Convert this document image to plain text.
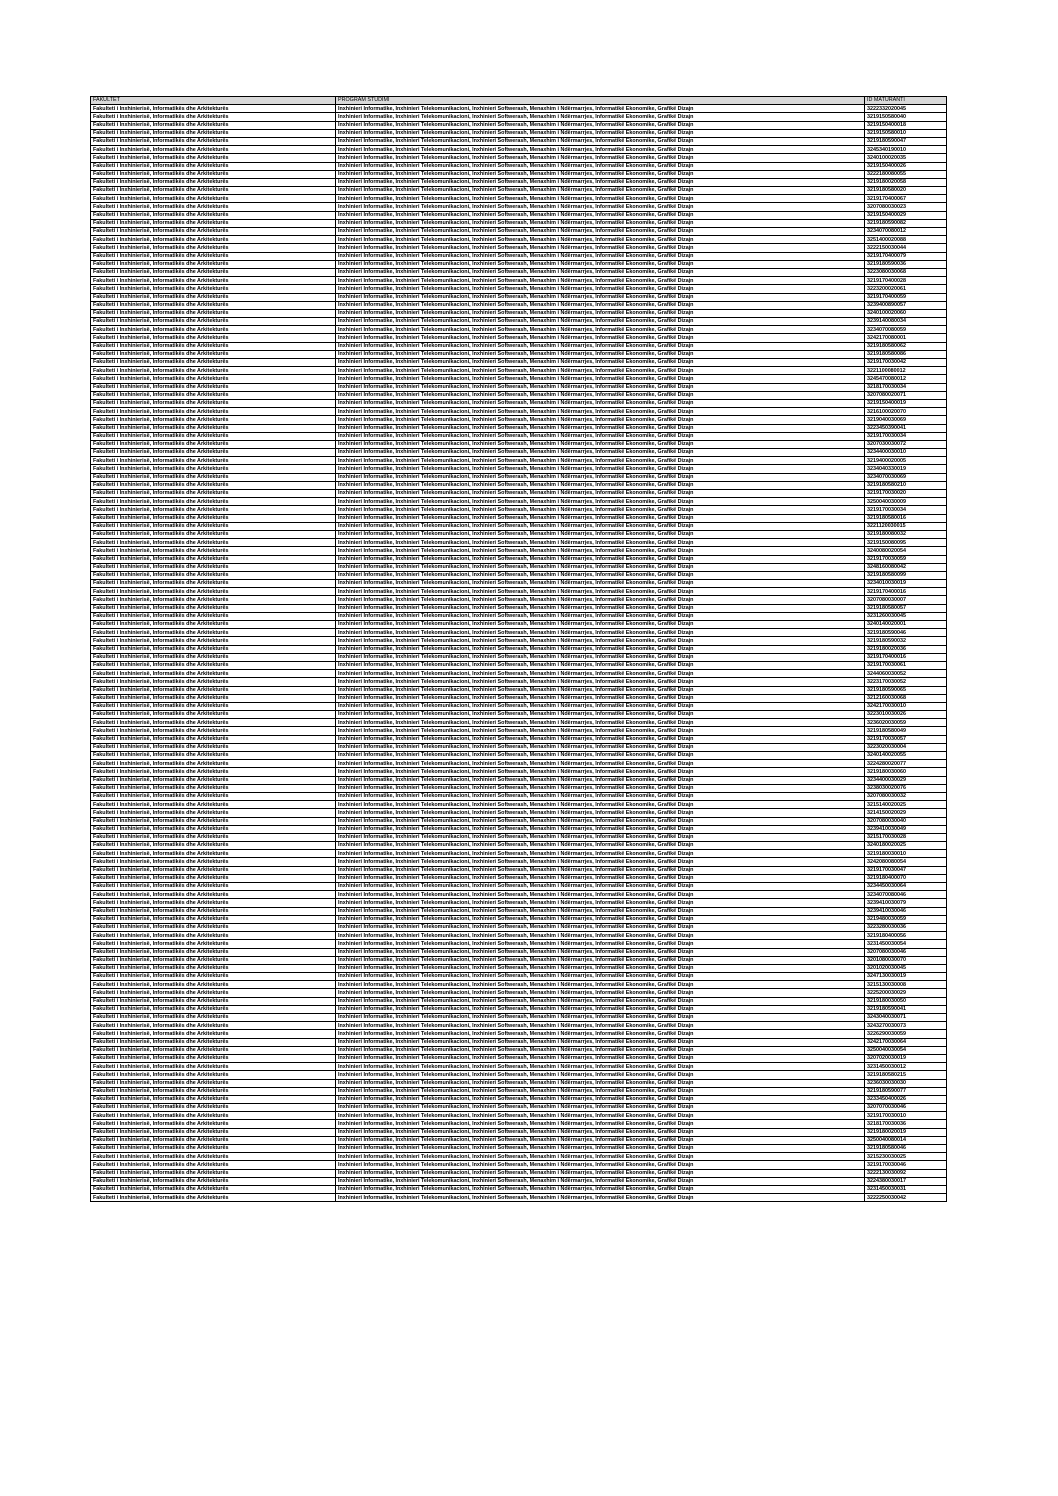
FAKULTET	PROGRAM STUDIMI	ID MATURANTI
Fakulteti i Inxhinierisë, Informatikës dhe Arkitekturës	Inxhinieri Informatike, Inxhinieri Telekomunikacioni, Inxhinieri Softwerash, Menaxhim i Ndërmarrjes, Informatikë Ekonomike, Grafikë Dizajn	3222332020045
Fakulteti i Inxhinierisë, Informatikës dhe Arkitekturës	Inxhinieri Informatike, Inxhinieri Telekomunikacioni, Inxhinieri Softwerash, Menaxhim i Ndërmarrjes, Informatikë Ekonomike, Grafikë Dizajn	3219150580040
Fakulteti i Inxhinierisë, Informatikës dhe Arkitekturës	Inxhinieri Informatike, Inxhinieri Telekomunikacioni, Inxhinieri Softwerash, Menaxhim i Ndërmarrjes, Informatikë Ekonomike, Grafikë Dizajn	3219150400018
Fakulteti i Inxhinierisë, Informatikës dhe Arkitekturës	Inxhinieri Informatike, Inxhinieri Telekomunikacioni, Inxhinieri Softwerash, Menaxhim i Ndërmarrjes, Informatikë Ekonomike, Grafikë Dizajn	3219150580010
Fakulteti i Inxhinierisë, Informatikës dhe Arkitekturës	Inxhinieri Informatike, Inxhinieri Telekomunikacioni, Inxhinieri Softwerash, Menaxhim i Ndërmarrjes, Informatikë Ekonomike, Grafikë Dizajn	3219180590047
Fakulteti i Inxhinierisë, Informatikës dhe Arkitekturës	Inxhinieri Informatike, Inxhinieri Telekomunikacioni, Inxhinieri Softwerash, Menaxhim i Ndërmarrjes, Informatikë Ekonomike, Grafikë Dizajn	3245340190010
Fakulteti i Inxhinierisë, Informatikës dhe Arkitekturës	Inxhinieri Informatike, Inxhinieri Telekomunikacioni, Inxhinieri Softwerash, Menaxhim i Ndërmarrjes, Informatikë Ekonomike, Grafikë Dizajn	3240100020035
Fakulteti i Inxhinierisë, Informatikës dhe Arkitekturës	Inxhinieri Informatike, Inxhinieri Telekomunikacioni, Inxhinieri Softwerash, Menaxhim i Ndërmarrjes, Informatikë Ekonomike, Grafikë Dizajn	3219150400026
Fakulteti i Inxhinierisë, Informatikës dhe Arkitekturës	Inxhinieri Informatike, Inxhinieri Telekomunikacioni, Inxhinieri Softwerash, Menaxhim i Ndërmarrjes, Informatikë Ekonomike, Grafikë Dizajn	3222180080055
Fakulteti i Inxhinierisë, Informatikës dhe Arkitekturës	Inxhinieri Informatike, Inxhinieri Telekomunikacioni, Inxhinieri Softwerash, Menaxhim i Ndërmarrjes, Informatikë Ekonomike, Grafikë Dizajn	3219180020058
Fakulteti i Inxhinierisë, Informatikës dhe Arkitekturës	Inxhinieri Informatike, Inxhinieri Telekomunikacioni, Inxhinieri Softwerash, Menaxhim i Ndërmarrjes, Informatikë Ekonomike, Grafikë Dizajn	3219180580020
Fakulteti i Inxhinierisë, Informatikës dhe Arkitekturës	Inxhinieri Informatike, Inxhinieri Telekomunikacioni, Inxhinieri Softwerash, Menaxhim i Ndërmarrjes, Informatikë Ekonomike, Grafikë Dizajn	3219170400067
Fakulteti i Inxhinierisë, Informatikës dhe Arkitekturës	Inxhinieri Informatike, Inxhinieri Telekomunikacioni, Inxhinieri Softwerash, Menaxhim i Ndërmarrjes, Informatikë Ekonomike, Grafikë Dizajn	3207080030023
Fakulteti i Inxhinierisë, Informatikës dhe Arkitekturës	Inxhinieri Informatike, Inxhinieri Telekomunikacioni, Inxhinieri Softwerash, Menaxhim i Ndërmarrjes, Informatikë Ekonomike, Grafikë Dizajn	3219150400029
Fakulteti i Inxhinierisë, Informatikës dhe Arkitekturës	Inxhinieri Informatike, Inxhinieri Telekomunikacioni, Inxhinieri Softwerash, Menaxhim i Ndërmarrjes, Informatikë Ekonomike, Grafikë Dizajn	3219180590082
Fakulteti i Inxhinierisë, Informatikës dhe Arkitekturës	Inxhinieri Informatike, Inxhinieri Telekomunikacioni, Inxhinieri Softwerash, Menaxhim i Ndërmarrjes, Informatikë Ekonomike, Grafikë Dizajn	3234070080012
Fakulteti i Inxhinierisë, Informatikës dhe Arkitekturës	Inxhinieri Informatike, Inxhinieri Telekomunikacioni, Inxhinieri Softwerash, Menaxhim i Ndërmarrjes, Informatikë Ekonomike, Grafikë Dizajn	3251400020088
Fakulteti i Inxhinierisë, Informatikës dhe Arkitekturës	Inxhinieri Informatike, Inxhinieri Telekomunikacioni, Inxhinieri Softwerash, Menaxhim i Ndërmarrjes, Informatikë Ekonomike, Grafikë Dizajn	3222150030044
Fakulteti i Inxhinierisë, Informatikës dhe Arkitekturës	Inxhinieri Informatike, Inxhinieri Telekomunikacioni, Inxhinieri Softwerash, Menaxhim i Ndërmarrjes, Informatikë Ekonomike, Grafikë Dizajn	3219170400079
Fakulteti i Inxhinierisë, Informatikës dhe Arkitekturës	Inxhinieri Informatike, Inxhinieri Telekomunikacioni, Inxhinieri Softwerash, Menaxhim i Ndërmarrjes, Informatikë Ekonomike, Grafikë Dizajn	3219180590036
Fakulteti i Inxhinierisë, Informatikës dhe Arkitekturës	Inxhinieri Informatike, Inxhinieri Telekomunikacioni, Inxhinieri Softwerash, Menaxhim i Ndërmarrjes, Informatikë Ekonomike, Grafikë Dizajn	3223080030068
Fakulteti i Inxhinierisë, Informatikës dhe Arkitekturës	Inxhinieri Informatike, Inxhinieri Telekomunikacioni, Inxhinieri Softwerash, Menaxhim i Ndërmarrjes, Informatikë Ekonomike, Grafikë Dizajn	3219170400028
Fakulteti i Inxhinierisë, Informatikës dhe Arkitekturës	Inxhinieri Informatike, Inxhinieri Telekomunikacioni, Inxhinieri Softwerash, Menaxhim i Ndërmarrjes, Informatikë Ekonomike, Grafikë Dizajn	3223200020061
Fakulteti i Inxhinierisë, Informatikës dhe Arkitekturës	Inxhinieri Informatike, Inxhinieri Telekomunikacioni, Inxhinieri Softwerash, Menaxhim i Ndërmarrjes, Informatikë Ekonomike, Grafikë Dizajn	3219170400059
Fakulteti i Inxhinierisë, Informatikës dhe Arkitekturës	Inxhinieri Informatike, Inxhinieri Telekomunikacioni, Inxhinieri Softwerash, Menaxhim i Ndërmarrjes, Informatikë Ekonomike, Grafikë Dizajn	3239400890057
Fakulteti i Inxhinierisë, Informatikës dhe Arkitekturës	Inxhinieri Informatike, Inxhinieri Telekomunikacioni, Inxhinieri Softwerash, Menaxhim i Ndërmarrjes, Informatikë Ekonomike, Grafikë Dizajn	3240100020060
Fakulteti i Inxhinierisë, Informatikës dhe Arkitekturës	Inxhinieri Informatike, Inxhinieri Telekomunikacioni, Inxhinieri Softwerash, Menaxhim i Ndërmarrjes, Informatikë Ekonomike, Grafikë Dizajn	3239140080034
Fakulteti i Inxhinierisë, Informatikës dhe Arkitekturës	Inxhinieri Informatike, Inxhinieri Telekomunikacioni, Inxhinieri Softwerash, Menaxhim i Ndërmarrjes, Informatikë Ekonomike, Grafikë Dizajn	3234070080059
Fakulteti i Inxhinierisë, Informatikës dhe Arkitekturës	Inxhinieri Informatike, Inxhinieri Telekomunikacioni, Inxhinieri Softwerash, Menaxhim i Ndërmarrjes, Informatikë Ekonomike, Grafikë Dizajn	3242170080001
Fakulteti i Inxhinierisë, Informatikës dhe Arkitekturës	Inxhinieri Informatike, Inxhinieri Telekomunikacioni, Inxhinieri Softwerash, Menaxhim i Ndërmarrjes, Informatikë Ekonomike, Grafikë Dizajn	3219180580062
Fakulteti i Inxhinierisë, Informatikës dhe Arkitekturës	Inxhinieri Informatike, Inxhinieri Telekomunikacioni, Inxhinieri Softwerash, Menaxhim i Ndërmarrjes, Informatikë Ekonomike, Grafikë Dizajn	3219180580086
Fakulteti i Inxhinierisë, Informatikës dhe Arkitekturës	Inxhinieri Informatike, Inxhinieri Telekomunikacioni, Inxhinieri Softwerash, Menaxhim i Ndërmarrjes, Informatikë Ekonomike, Grafikë Dizajn	3219170030042
Fakulteti i Inxhinierisë, Informatikës dhe Arkitekturës	Inxhinieri Informatike, Inxhinieri Telekomunikacioni, Inxhinieri Softwerash, Menaxhim i Ndërmarrjes, Informatikë Ekonomike, Grafikë Dizajn	3221100080012
Fakulteti i Inxhinierisë, Informatikës dhe Arkitekturës	Inxhinieri Informatike, Inxhinieri Telekomunikacioni, Inxhinieri Softwerash, Menaxhim i Ndërmarrjes, Informatikë Ekonomike, Grafikë Dizajn	3245470080012
Fakulteti i Inxhinierisë, Informatikës dhe Arkitekturës	Inxhinieri Informatike, Inxhinieri Telekomunikacioni, Inxhinieri Softwerash, Menaxhim i Ndërmarrjes, Informatikë Ekonomike, Grafikë Dizajn	3218170030034
Fakulteti i Inxhinierisë, Informatikës dhe Arkitekturës	Inxhinieri Informatike, Inxhinieri Telekomunikacioni, Inxhinieri Softwerash, Menaxhim i Ndërmarrjes, Informatikë Ekonomike, Grafikë Dizajn	3207080020071
Fakulteti i Inxhinierisë, Informatikës dhe Arkitekturës	Inxhinieri Informatike, Inxhinieri Telekomunikacioni, Inxhinieri Softwerash, Menaxhim i Ndërmarrjes, Informatikë Ekonomike, Grafikë Dizajn	3219150400019
Fakulteti i Inxhinierisë, Informatikës dhe Arkitekturës	Inxhinieri Informatike, Inxhinieri Telekomunikacioni, Inxhinieri Softwerash, Menaxhim i Ndërmarrjes, Informatikë Ekonomike, Grafikë Dizajn	3216100020070
Fakulteti i Inxhinierisë, Informatikës dhe Arkitekturës	Inxhinieri Informatike, Inxhinieri Telekomunikacioni, Inxhinieri Softwerash, Menaxhim i Ndërmarrjes, Informatikë Ekonomike, Grafikë Dizajn	3219040030069
Fakulteti i Inxhinierisë, Informatikës dhe Arkitekturës	Inxhinieri Informatike, Inxhinieri Telekomunikacioni, Inxhinieri Softwerash, Menaxhim i Ndërmarrjes, Informatikë Ekonomike, Grafikë Dizajn	3223450390041
Fakulteti i Inxhinierisë, Informatikës dhe Arkitekturës	Inxhinieri Informatike, Inxhinieri Telekomunikacioni, Inxhinieri Softwerash, Menaxhim i Ndërmarrjes, Informatikë Ekonomike, Grafikë Dizajn	3219170030034
Fakulteti i Inxhinierisë, Informatikës dhe Arkitekturës	Inxhinieri Informatike, Inxhinieri Telekomunikacioni, Inxhinieri Softwerash, Menaxhim i Ndërmarrjes, Informatikë Ekonomike, Grafikë Dizajn	3207030030072
Fakulteti i Inxhinierisë, Informatikës dhe Arkitekturës	Inxhinieri Informatike, Inxhinieri Telekomunikacioni, Inxhinieri Softwerash, Menaxhim i Ndërmarrjes, Informatikë Ekonomike, Grafikë Dizajn	3234400030010
Fakulteti i Inxhinierisë, Informatikës dhe Arkitekturës	Inxhinieri Informatike, Inxhinieri Telekomunikacioni, Inxhinieri Softwerash, Menaxhim i Ndërmarrjes, Informatikë Ekonomike, Grafikë Dizajn	3219400020005
Fakulteti i Inxhinierisë, Informatikës dhe Arkitekturës	Inxhinieri Informatike, Inxhinieri Telekomunikacioni, Inxhinieri Softwerash, Menaxhim i Ndërmarrjes, Informatikë Ekonomike, Grafikë Dizajn	3234040330019
Fakulteti i Inxhinierisë, Informatikës dhe Arkitekturës	Inxhinieri Informatike, Inxhinieri Telekomunikacioni, Inxhinieri Softwerash, Menaxhim i Ndërmarrjes, Informatikë Ekonomike, Grafikë Dizajn	3234070030069
Fakulteti i Inxhinierisë, Informatikës dhe Arkitekturës	Inxhinieri Informatike, Inxhinieri Telekomunikacioni, Inxhinieri Softwerash, Menaxhim i Ndërmarrjes, Informatikë Ekonomike, Grafikë Dizajn	3219180580210
Fakulteti i Inxhinierisë, Informatikës dhe Arkitekturës	Inxhinieri Informatike, Inxhinieri Telekomunikacioni, Inxhinieri Softwerash, Menaxhim i Ndërmarrjes, Informatikë Ekonomike, Grafikë Dizajn	3219170030020
Fakulteti i Inxhinierisë, Informatikës dhe Arkitekturës	Inxhinieri Informatike, Inxhinieri Telekomunikacioni, Inxhinieri Softwerash, Menaxhim i Ndërmarrjes, Informatikë Ekonomike, Grafikë Dizajn	3250040030009
Fakulteti i Inxhinierisë, Informatikës dhe Arkitekturës	Inxhinieri Informatike, Inxhinieri Telekomunikacioni, Inxhinieri Softwerash, Menaxhim i Ndërmarrjes, Informatikë Ekonomike, Grafikë Dizajn	3219170030034
Fakulteti i Inxhinierisë, Informatikës dhe Arkitekturës	Inxhinieri Informatike, Inxhinieri Telekomunikacioni, Inxhinieri Softwerash, Menaxhim i Ndërmarrjes, Informatikë Ekonomike, Grafikë Dizajn	3219180580016
Fakulteti i Inxhinierisë, Informatikës dhe Arkitekturës	Inxhinieri Informatike, Inxhinieri Telekomunikacioni, Inxhinieri Softwerash, Menaxhim i Ndërmarrjes, Informatikë Ekonomike, Grafikë Dizajn	3221120030015
Fakulteti i Inxhinierisë, Informatikës dhe Arkitekturës	Inxhinieri Informatike, Inxhinieri Telekomunikacioni, Inxhinieri Softwerash, Menaxhim i Ndërmarrjes, Informatikë Ekonomike, Grafikë Dizajn	3219180080032
Fakulteti i Inxhinierisë, Informatikës dhe Arkitekturës	Inxhinieri Informatike, Inxhinieri Telekomunikacioni, Inxhinieri Softwerash, Menaxhim i Ndërmarrjes, Informatikë Ekonomike, Grafikë Dizajn	3219150080095
Fakulteti i Inxhinierisë, Informatikës dhe Arkitekturës	Inxhinieri Informatike, Inxhinieri Telekomunikacioni, Inxhinieri Softwerash, Menaxhim i Ndërmarrjes, Informatikë Ekonomike, Grafikë Dizajn	3240080020054
Fakulteti i Inxhinierisë, Informatikës dhe Arkitekturës	Inxhinieri Informatike, Inxhinieri Telekomunikacioni, Inxhinieri Softwerash, Menaxhim i Ndërmarrjes, Informatikë Ekonomike, Grafikë Dizajn	3219170030059
Fakulteti i Inxhinierisë, Informatikës dhe Arkitekturës	Inxhinieri Informatike, Inxhinieri Telekomunikacioni, Inxhinieri Softwerash, Menaxhim i Ndërmarrjes, Informatikë Ekonomike, Grafikë Dizajn	3248160080042
Fakulteti i Inxhinierisë, Informatikës dhe Arkitekturës	Inxhinieri Informatike, Inxhinieri Telekomunikacioni, Inxhinieri Softwerash, Menaxhim i Ndërmarrjes, Informatikë Ekonomike, Grafikë Dizajn	3219180580099
Fakulteti i Inxhinierisë, Informatikës dhe Arkitekturës	Inxhinieri Informatike, Inxhinieri Telekomunikacioni, Inxhinieri Softwerash, Menaxhim i Ndërmarrjes, Informatikë Ekonomike, Grafikë Dizajn	3234010030019
Fakulteti i Inxhinierisë, Informatikës dhe Arkitekturës	Inxhinieri Informatike, Inxhinieri Telekomunikacioni, Inxhinieri Softwerash, Menaxhim i Ndërmarrjes, Informatikë Ekonomike, Grafikë Dizajn	3219170400016
Fakulteti i Inxhinierisë, Informatikës dhe Arkitekturës	Inxhinieri Informatike, Inxhinieri Telekomunikacioni, Inxhinieri Softwerash, Menaxhim i Ndërmarrjes, Informatikë Ekonomike, Grafikë Dizajn	3207080030007
Fakulteti i Inxhinierisë, Informatikës dhe Arkitekturës	Inxhinieri Informatike, Inxhinieri Telekomunikacioni, Inxhinieri Softwerash, Menaxhim i Ndërmarrjes, Informatikë Ekonomike, Grafikë Dizajn	3219180580057
Fakulteti i Inxhinierisë, Informatikës dhe Arkitekturës	Inxhinieri Informatike, Inxhinieri Telekomunikacioni, Inxhinieri Softwerash, Menaxhim i Ndërmarrjes, Informatikë Ekonomike, Grafikë Dizajn	3231260030045
Fakulteti i Inxhinierisë, Informatikës dhe Arkitekturës	Inxhinieri Informatike, Inxhinieri Telekomunikacioni, Inxhinieri Softwerash, Menaxhim i Ndërmarrjes, Informatikë Ekonomike, Grafikë Dizajn	3240140020001
Fakulteti i Inxhinierisë, Informatikës dhe Arkitekturës	Inxhinieri Informatike, Inxhinieri Telekomunikacioni, Inxhinieri Softwerash, Menaxhim i Ndërmarrjes, Informatikë Ekonomike, Grafikë Dizajn	3219180590046
Fakulteti i Inxhinierisë, Informatikës dhe Arkitekturës	Inxhinieri Informatike, Inxhinieri Telekomunikacioni, Inxhinieri Softwerash, Menaxhim i Ndërmarrjes, Informatikë Ekonomike, Grafikë Dizajn	3219180590032
Fakulteti i Inxhinierisë, Informatikës dhe Arkitekturës	Inxhinieri Informatike, Inxhinieri Telekomunikacioni, Inxhinieri Softwerash, Menaxhim i Ndërmarrjes, Informatikë Ekonomike, Grafikë Dizajn	3219180020036
Fakulteti i Inxhinierisë, Informatikës dhe Arkitekturës	Inxhinieri Informatike, Inxhinieri Telekomunikacioni, Inxhinieri Softwerash, Menaxhim i Ndërmarrjes, Informatikë Ekonomike, Grafikë Dizajn	3219170400016
Fakulteti i Inxhinierisë, Informatikës dhe Arkitekturës	Inxhinieri Informatike, Inxhinieri Telekomunikacioni, Inxhinieri Softwerash, Menaxhim i Ndërmarrjes, Informatikë Ekonomike, Grafikë Dizajn	3219170030061
Fakulteti i Inxhinierisë, Informatikës dhe Arkitekturës	Inxhinieri Informatike, Inxhinieri Telekomunikacioni, Inxhinieri Softwerash, Menaxhim i Ndërmarrjes, Informatikë Ekonomike, Grafikë Dizajn	3244060030052
Fakulteti i Inxhinierisë, Informatikës dhe Arkitekturës	Inxhinieri Informatike, Inxhinieri Telekomunikacioni, Inxhinieri Softwerash, Menaxhim i Ndërmarrjes, Informatikë Ekonomike, Grafikë Dizajn	3223170030052
Fakulteti i Inxhinierisë, Informatikës dhe Arkitekturës	Inxhinieri Informatike, Inxhinieri Telekomunikacioni, Inxhinieri Softwerash, Menaxhim i Ndërmarrjes, Informatikë Ekonomike, Grafikë Dizajn	3219180590065
Fakulteti i Inxhinierisë, Informatikës dhe Arkitekturës	Inxhinieri Informatike, Inxhinieri Telekomunikacioni, Inxhinieri Softwerash, Menaxhim i Ndërmarrjes, Informatikë Ekonomike, Grafikë Dizajn	3212160030068
Fakulteti i Inxhinierisë, Informatikës dhe Arkitekturës	Inxhinieri Informatike, Inxhinieri Telekomunikacioni, Inxhinieri Softwerash, Menaxhim i Ndërmarrjes, Informatikë Ekonomike, Grafikë Dizajn	3242170030010
Fakulteti i Inxhinierisë, Informatikës dhe Arkitekturës	Inxhinieri Informatike, Inxhinieri Telekomunikacioni, Inxhinieri Softwerash, Menaxhim i Ndërmarrjes, Informatikë Ekonomike, Grafikë Dizajn	3223010030026
Fakulteti i Inxhinierisë, Informatikës dhe Arkitekturës	Inxhinieri Informatike, Inxhinieri Telekomunikacioni, Inxhinieri Softwerash, Menaxhim i Ndërmarrjes, Informatikë Ekonomike, Grafikë Dizajn	3236020030059
Fakulteti i Inxhinierisë, Informatikës dhe Arkitekturës	Inxhinieri Informatike, Inxhinieri Telekomunikacioni, Inxhinieri Softwerash, Menaxhim i Ndërmarrjes, Informatikë Ekonomike, Grafikë Dizajn	3219180580049
Fakulteti i Inxhinierisë, Informatikës dhe Arkitekturës	Inxhinieri Informatike, Inxhinieri Telekomunikacioni, Inxhinieri Softwerash, Menaxhim i Ndërmarrjes, Informatikë Ekonomike, Grafikë Dizajn	3219170030057
Fakulteti i Inxhinierisë, Informatikës dhe Arkitekturës	Inxhinieri Informatike, Inxhinieri Telekomunikacioni, Inxhinieri Softwerash, Menaxhim i Ndërmarrjes, Informatikë Ekonomike, Grafikë Dizajn	3223020030004
Fakulteti i Inxhinierisë, Informatikës dhe Arkitekturës	Inxhinieri Informatike, Inxhinieri Telekomunikacioni, Inxhinieri Softwerash, Menaxhim i Ndërmarrjes, Informatikë Ekonomike, Grafikë Dizajn	3240140020055
Fakulteti i Inxhinierisë, Informatikës dhe Arkitekturës	Inxhinieri Informatike, Inxhinieri Telekomunikacioni, Inxhinieri Softwerash, Menaxhim i Ndërmarrjes, Informatikë Ekonomike, Grafikë Dizajn	3224280020077
Fakulteti i Inxhinierisë, Informatikës dhe Arkitekturës	Inxhinieri Informatike, Inxhinieri Telekomunikacioni, Inxhinieri Softwerash, Menaxhim i Ndërmarrjes, Informatikë Ekonomike, Grafikë Dizajn	3219180030060
Fakulteti i Inxhinierisë, Informatikës dhe Arkitekturës	Inxhinieri Informatike, Inxhinieri Telekomunikacioni, Inxhinieri Softwerash, Menaxhim i Ndërmarrjes, Informatikë Ekonomike, Grafikë Dizajn	3234400030029
Fakulteti i Inxhinierisë, Informatikës dhe Arkitekturës	Inxhinieri Informatike, Inxhinieri Telekomunikacioni, Inxhinieri Softwerash, Menaxhim i Ndërmarrjes, Informatikë Ekonomike, Grafikë Dizajn	3238030020076
Fakulteti i Inxhinierisë, Informatikës dhe Arkitekturës	Inxhinieri Informatike, Inxhinieri Telekomunikacioni, Inxhinieri Softwerash, Menaxhim i Ndërmarrjes, Informatikë Ekonomike, Grafikë Dizajn	3207080030032
Fakulteti i Inxhinierisë, Informatikës dhe Arkitekturës	Inxhinieri Informatike, Inxhinieri Telekomunikacioni, Inxhinieri Softwerash, Menaxhim i Ndërmarrjes, Informatikë Ekonomike, Grafikë Dizajn	3215140020025
Fakulteti i Inxhinierisë, Informatikës dhe Arkitekturës	Inxhinieri Informatike, Inxhinieri Telekomunikacioni, Inxhinieri Softwerash, Menaxhim i Ndërmarrjes, Informatikë Ekonomike, Grafikë Dizajn	3214150020029
Fakulteti i Inxhinierisë, Informatikës dhe Arkitekturës	Inxhinieri Informatike, Inxhinieri Telekomunikacioni, Inxhinieri Softwerash, Menaxhim i Ndërmarrjes, Informatikë Ekonomike, Grafikë Dizajn	3207080030040
Fakulteti i Inxhinierisë, Informatikës dhe Arkitekturës	Inxhinieri Informatike, Inxhinieri Telekomunikacioni, Inxhinieri Softwerash, Menaxhim i Ndërmarrjes, Informatikë Ekonomike, Grafikë Dizajn	3239410030049
Fakulteti i Inxhinierisë, Informatikës dhe Arkitekturës	Inxhinieri Informatike, Inxhinieri Telekomunikacioni, Inxhinieri Softwerash, Menaxhim i Ndërmarrjes, Informatikë Ekonomike, Grafikë Dizajn	3215170030028
Fakulteti i Inxhinierisë, Informatikës dhe Arkitekturës	Inxhinieri Informatike, Inxhinieri Telekomunikacioni, Inxhinieri Softwerash, Menaxhim i Ndërmarrjes, Informatikë Ekonomike, Grafikë Dizajn	3240180020025
Fakulteti i Inxhinierisë, Informatikës dhe Arkitekturës	Inxhinieri Informatike, Inxhinieri Telekomunikacioni, Inxhinieri Softwerash, Menaxhim i Ndërmarrjes, Informatikë Ekonomike, Grafikë Dizajn	3219180030010
Fakulteti i Inxhinierisë, Informatikës dhe Arkitekturës	Inxhinieri Informatike, Inxhinieri Telekomunikacioni, Inxhinieri Softwerash, Menaxhim i Ndërmarrjes, Informatikë Ekonomike, Grafikë Dizajn	3242080080054
Fakulteti i Inxhinierisë, Informatikës dhe Arkitekturës	Inxhinieri Informatike, Inxhinieri Telekomunikacioni, Inxhinieri Softwerash, Menaxhim i Ndërmarrjes, Informatikë Ekonomike, Grafikë Dizajn	3219170030047
Fakulteti i Inxhinierisë, Informatikës dhe Arkitekturës	Inxhinieri Informatike, Inxhinieri Telekomunikacioni, Inxhinieri Softwerash, Menaxhim i Ndërmarrjes, Informatikë Ekonomike, Grafikë Dizajn	3219180400070
Fakulteti i Inxhinierisë, Informatikës dhe Arkitekturës	Inxhinieri Informatike, Inxhinieri Telekomunikacioni, Inxhinieri Softwerash, Menaxhim i Ndërmarrjes, Informatikë Ekonomike, Grafikë Dizajn	3234450030064
Fakulteti i Inxhinierisë, Informatikës dhe Arkitekturës	Inxhinieri Informatike, Inxhinieri Telekomunikacioni, Inxhinieri Softwerash, Menaxhim i Ndërmarrjes, Informatikë Ekonomike, Grafikë Dizajn	3234070080046
Fakulteti i Inxhinierisë, Informatikës dhe Arkitekturës	Inxhinieri Informatike, Inxhinieri Telekomunikacioni, Inxhinieri Softwerash, Menaxhim i Ndërmarrjes, Informatikë Ekonomike, Grafikë Dizajn	3239410030079
Fakulteti i Inxhinierisë, Informatikës dhe Arkitekturës	Inxhinieri Informatike, Inxhinieri Telekomunikacioni, Inxhinieri Softwerash, Menaxhim i Ndërmarrjes, Informatikë Ekonomike, Grafikë Dizajn	3239410030046
Fakulteti i Inxhinierisë, Informatikës dhe Arkitekturës	Inxhinieri Informatike, Inxhinieri Telekomunikacioni, Inxhinieri Softwerash, Menaxhim i Ndërmarrjes, Informatikë Ekonomike, Grafikë Dizajn	3219480030059
Fakulteti i Inxhinierisë, Informatikës dhe Arkitekturës	Inxhinieri Informatike, Inxhinieri Telekomunikacioni, Inxhinieri Softwerash, Menaxhim i Ndërmarrjes, Informatikë Ekonomike, Grafikë Dizajn	3223280030036
Fakulteti i Inxhinierisë, Informatikës dhe Arkitekturës	Inxhinieri Informatike, Inxhinieri Telekomunikacioni, Inxhinieri Softwerash, Menaxhim i Ndërmarrjes, Informatikë Ekonomike, Grafikë Dizajn	3219180400056
Fakulteti i Inxhinierisë, Informatikës dhe Arkitekturës	Inxhinieri Informatike, Inxhinieri Telekomunikacioni, Inxhinieri Softwerash, Menaxhim i Ndërmarrjes, Informatikë Ekonomike, Grafikë Dizajn	3231450030054
Fakulteti i Inxhinierisë, Informatikës dhe Arkitekturës	Inxhinieri Informatike, Inxhinieri Telekomunikacioni, Inxhinieri Softwerash, Menaxhim i Ndërmarrjes, Informatikë Ekonomike, Grafikë Dizajn	3207080030046
Fakulteti i Inxhinierisë, Informatikës dhe Arkitekturës	Inxhinieri Informatike, Inxhinieri Telekomunikacioni, Inxhinieri Softwerash, Menaxhim i Ndërmarrjes, Informatikë Ekonomike, Grafikë Dizajn	3201080030070
Fakulteti i Inxhinierisë, Informatikës dhe Arkitekturës	Inxhinieri Informatike, Inxhinieri Telekomunikacioni, Inxhinieri Softwerash, Menaxhim i Ndërmarrjes, Informatikë Ekonomike, Grafikë Dizajn	3201020030045
Fakulteti i Inxhinierisë, Informatikës dhe Arkitekturës	Inxhinieri Informatike, Inxhinieri Telekomunikacioni, Inxhinieri Softwerash, Menaxhim i Ndërmarrjes, Informatikë Ekonomike, Grafikë Dizajn	3247130030019
Fakulteti i Inxhinierisë, Informatikës dhe Arkitekturës	Inxhinieri Informatike, Inxhinieri Telekomunikacioni, Inxhinieri Softwerash, Menaxhim i Ndërmarrjes, Informatikë Ekonomike, Grafikë Dizajn	3215130030008
Fakulteti i Inxhinierisë, Informatikës dhe Arkitekturës	Inxhinieri Informatike, Inxhinieri Telekomunikacioni, Inxhinieri Softwerash, Menaxhim i Ndërmarrjes, Informatikë Ekonomike, Grafikë Dizajn	3225200030029
Fakulteti i Inxhinierisë, Informatikës dhe Arkitekturës	Inxhinieri Informatike, Inxhinieri Telekomunikacioni, Inxhinieri Softwerash, Menaxhim i Ndërmarrjes, Informatikë Ekonomike, Grafikë Dizajn	3219180030050
Fakulteti i Inxhinierisë, Informatikës dhe Arkitekturës	Inxhinieri Informatike, Inxhinieri Telekomunikacioni, Inxhinieri Softwerash, Menaxhim i Ndërmarrjes, Informatikë Ekonomike, Grafikë Dizajn	3219180590041
Fakulteti i Inxhinierisë, Informatikës dhe Arkitekturës	Inxhinieri Informatike, Inxhinieri Telekomunikacioni, Inxhinieri Softwerash, Menaxhim i Ndërmarrjes, Informatikë Ekonomike, Grafikë Dizajn	3243040030071
Fakulteti i Inxhinierisë, Informatikës dhe Arkitekturës	Inxhinieri Informatike, Inxhinieri Telekomunikacioni, Inxhinieri Softwerash, Menaxhim i Ndërmarrjes, Informatikë Ekonomike, Grafikë Dizajn	3243270030073
Fakulteti i Inxhinierisë, Informatikës dhe Arkitekturës	Inxhinieri Informatike, Inxhinieri Telekomunikacioni, Inxhinieri Softwerash, Menaxhim i Ndërmarrjes, Informatikë Ekonomike, Grafikë Dizajn	3226290030059
Fakulteti i Inxhinierisë, Informatikës dhe Arkitekturës	Inxhinieri Informatike, Inxhinieri Telekomunikacioni, Inxhinieri Softwerash, Menaxhim i Ndërmarrjes, Informatikë Ekonomike, Grafikë Dizajn	3242170030064
Fakulteti i Inxhinierisë, Informatikës dhe Arkitekturës	Inxhinieri Informatike, Inxhinieri Telekomunikacioni, Inxhinieri Softwerash, Menaxhim i Ndërmarrjes, Informatikë Ekonomike, Grafikë Dizajn	3250040030054
Fakulteti i Inxhinierisë, Informatikës dhe Arkitekturës	Inxhinieri Informatike, Inxhinieri Telekomunikacioni, Inxhinieri Softwerash, Menaxhim i Ndërmarrjes, Informatikë Ekonomike, Grafikë Dizajn	3207020030019
Fakulteti i Inxhinierisë, Informatikës dhe Arkitekturës	Inxhinieri Informatike, Inxhinieri Telekomunikacioni, Inxhinieri Softwerash, Menaxhim i Ndërmarrjes, Informatikë Ekonomike, Grafikë Dizajn	3231450030012
Fakulteti i Inxhinierisë, Informatikës dhe Arkitekturës	Inxhinieri Informatike, Inxhinieri Telekomunikacioni, Inxhinieri Softwerash, Menaxhim i Ndërmarrjes, Informatikë Ekonomike, Grafikë Dizajn	3219180580215
Fakulteti i Inxhinierisë, Informatikës dhe Arkitekturës	Inxhinieri Informatike, Inxhinieri Telekomunikacioni, Inxhinieri Softwerash, Menaxhim i Ndërmarrjes, Informatikë Ekonomike, Grafikë Dizajn	3236030030030
Fakulteti i Inxhinierisë, Informatikës dhe Arkitekturës	Inxhinieri Informatike, Inxhinieri Telekomunikacioni, Inxhinieri Softwerash, Menaxhim i Ndërmarrjes, Informatikë Ekonomike, Grafikë Dizajn	3219180590077
Fakulteti i Inxhinierisë, Informatikës dhe Arkitekturës	Inxhinieri Informatike, Inxhinieri Telekomunikacioni, Inxhinieri Softwerash, Menaxhim i Ndërmarrjes, Informatikë Ekonomike, Grafikë Dizajn	3233450400026
Fakulteti i Inxhinierisë, Informatikës dhe Arkitekturës	Inxhinieri Informatike, Inxhinieri Telekomunikacioni, Inxhinieri Softwerash, Menaxhim i Ndërmarrjes, Informatikë Ekonomike, Grafikë Dizajn	3207070030046
Fakulteti i Inxhinierisë, Informatikës dhe Arkitekturës	Inxhinieri Informatike, Inxhinieri Telekomunikacioni, Inxhinieri Softwerash, Menaxhim i Ndërmarrjes, Informatikë Ekonomike, Grafikë Dizajn	3219170030010
Fakulteti i Inxhinierisë, Informatikës dhe Arkitekturës	Inxhinieri Informatike, Inxhinieri Telekomunikacioni, Inxhinieri Softwerash, Menaxhim i Ndërmarrjes, Informatikë Ekonomike, Grafikë Dizajn	3218170030036
Fakulteti i Inxhinierisë, Informatikës dhe Arkitekturës	Inxhinieri Informatike, Inxhinieri Telekomunikacioni, Inxhinieri Softwerash, Menaxhim i Ndërmarrjes, Informatikë Ekonomike, Grafikë Dizajn	3219180020019
Fakulteti i Inxhinierisë, Informatikës dhe Arkitekturës	Inxhinieri Informatike, Inxhinieri Telekomunikacioni, Inxhinieri Softwerash, Menaxhim i Ndërmarrjes, Informatikë Ekonomike, Grafikë Dizajn	3250040080014
Fakulteti i Inxhinierisë, Informatikës dhe Arkitekturës	Inxhinieri Informatike, Inxhinieri Telekomunikacioni, Inxhinieri Softwerash, Menaxhim i Ndërmarrjes, Informatikë Ekonomike, Grafikë Dizajn	3219180580046
Fakulteti i Inxhinierisë, Informatikës dhe Arkitekturës	Inxhinieri Informatike, Inxhinieri Telekomunikacioni, Inxhinieri Softwerash, Menaxhim i Ndërmarrjes, Informatikë Ekonomike, Grafikë Dizajn	3215230030025
Fakulteti i Inxhinierisë, Informatikës dhe Arkitekturës	Inxhinieri Informatike, Inxhinieri Telekomunikacioni, Inxhinieri Softwerash, Menaxhim i Ndërmarrjes, Informatikë Ekonomike, Grafikë Dizajn	3219170030046
Fakulteti i Inxhinierisë, Informatikës dhe Arkitekturës	Inxhinieri Informatike, Inxhinieri Telekomunikacioni, Inxhinieri Softwerash, Menaxhim i Ndërmarrjes, Informatikë Ekonomike, Grafikë Dizajn	3222130030092
Fakulteti i Inxhinierisë, Informatikës dhe Arkitekturës	Inxhinieri Informatike, Inxhinieri Telekomunikacioni, Inxhinieri Softwerash, Menaxhim i Ndërmarrjes, Informatikë Ekonomike, Grafikë Dizajn	3224380030017
Fakulteti i Inxhinierisë, Informatikës dhe Arkitekturës	Inxhinieri Informatike, Inxhinieri Telekomunikacioni, Inxhinieri Softwerash, Menaxhim i Ndërmarrjes, Informatikë Ekonomike, Grafikë Dizajn	3231450030031
Fakulteti i Inxhinierisë, Informatikës dhe Arkitekturës	Inxhinieri Informatike, Inxhinieri Telekomunikacioni, Inxhinieri Softwerash, Menaxhim i Ndërmarrjes, Informatikë Ekonomike, Grafikë Dizajn	3222250030042
